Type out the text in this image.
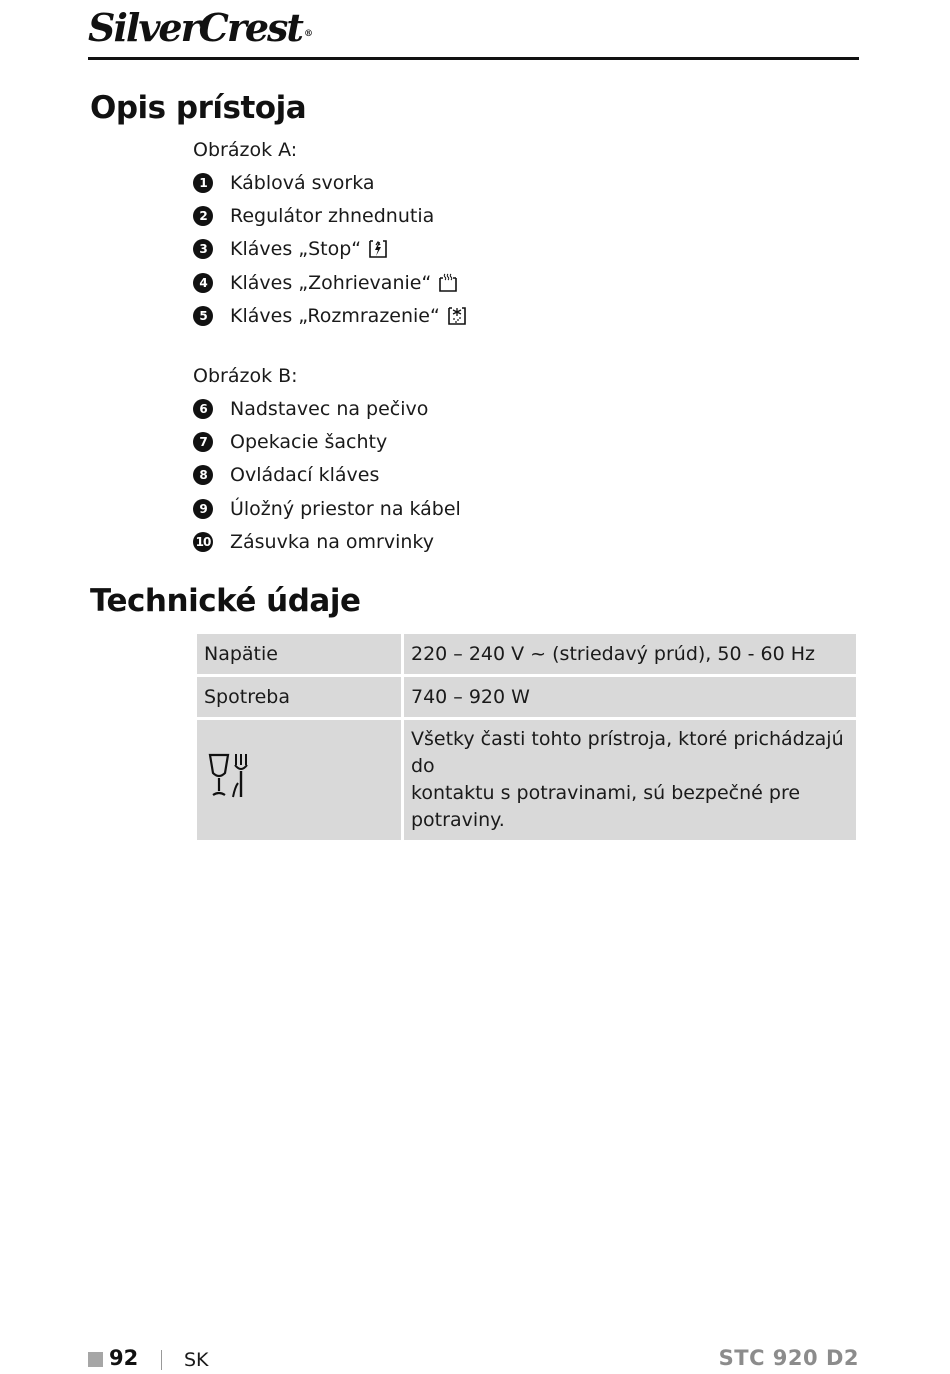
SilverCrest ®
Opis prístoja
Obrázok A:
1	Káblová svorka
2	Regulátor zhnednutia
3	Kláves „Stop“
4	Kláves „Zohrievanie“
5	Kláves „Rozmrazenie“
Obrázok B:
6	Nadstavec na pečivo
7	Opekacie šachty
8	Ovládací kláves
9	Úložný priestor na kábel
10 Zásuvka na omrvinky
Technické údaje
Napätie	220 – 240 V ~ (striedavý prúd), 50 - 60 Hz
Spotreba	740 – 920 W

Všetky časti tohto prístroja, ktoré prichádzajú do
kontaktu s potravinami, sú bezpečné pre potraviny.
92 SK	STC 920 D2
